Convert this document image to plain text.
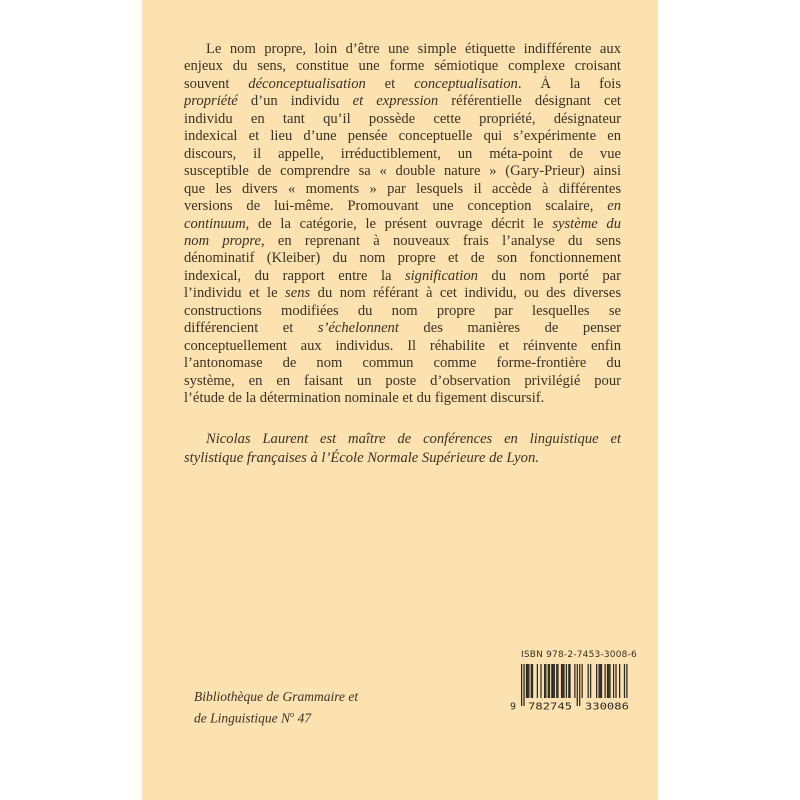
Le nom propre, loin d’être une simple étiquette indifférente aux
enjeux du sens, constitue une forme sémiotique complexe croisant
souvent déconceptualisation et conceptualisation. À la fois
propriété d’un individu et expression référentielle désignant cet
individu en tant qu’il possède cette propriété, désignateur
indexical et lieu d’une pensée conceptuelle qui s’expérimente en
discours, il appelle, irréductiblement, un méta-point de vue
susceptible de comprendre sa « double nature » (Gary-Prieur) ainsi
que les divers « moments » par lesquels il accède à différentes
versions de lui-même. Promouvant une conception scalaire, en
continuum, de la catégorie, le présent ouvrage décrit le système du
nom propre, en reprenant à nouveaux frais l’analyse du sens
dénominatif (Kleiber) du nom propre et de son fonctionnement
indexical, du rapport entre la signification du nom porté par
l’individu et le sens du nom référant à cet individu, ou des diverses
constructions modifiées du nom propre par lesquelles se
différencient et s’échelonnent des manières de penser
conceptuellement aux individus. Il réhabilite et réinvente enfin
l’antonomase de nom commun comme forme-frontière du
système, en en faisant un poste d’observation privilégié pour
l’étude de la détermination nominale et du figement discursif.
Nicolas Laurent est maître de conférences en linguistique et
stylistique françaises à l’École Normale Supérieure de Lyon.
Bibliothèque de Grammaire et
de Linguistique $N^o$ 47
ISBN 978-2-7453-3008-6
9 782745 330086
